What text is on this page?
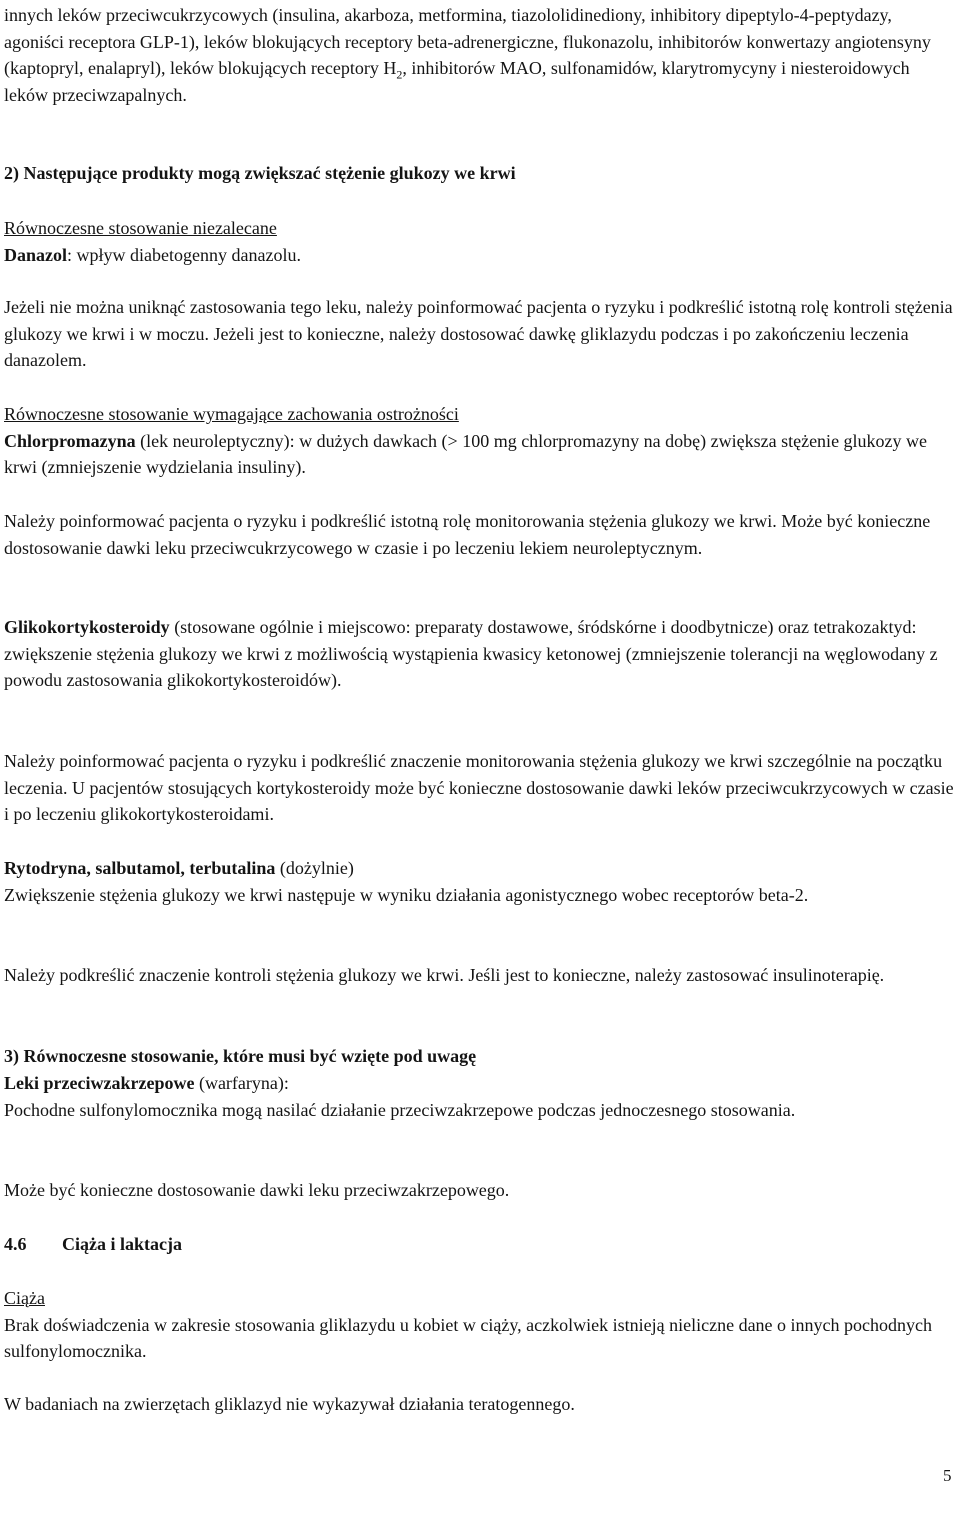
innych leków przeciwcukrzycowych (insulina, akarboza, metformina, tiazololidinediony, inhibitory dipeptylo-4-peptydazy, agoniści receptora GLP-1), leków blokujących receptory beta-adrenergiczne, flukonazolu, inhibitorów konwertazy angiotensyny (kaptopryl, enalapryl), leków blokujących receptory $H_2$, inhibitorów MAO, sulfonamidów, klarytromycyny i niesteroidowych leków przeciwzapalnych.

2) Następujące produkty mogą zwiększać stężenie glukozy we krwi

Równoczesne stosowanie niezalecane
Danazol: wpływ diabetogenny danazolu.

Jeżeli nie można uniknąć zastosowania tego leku, należy poinformować pacjenta o ryzyku i podkreślić istotną rolę kontroli stężenia glukozy we krwi i w moczu. Jeżeli jest to konieczne, należy dostosować dawkę gliklazydu podczas i po zakończeniu leczenia danazolem.

Równoczesne stosowanie wymagające zachowania ostrożności
Chlorpromazyna (lek neuroleptyczny): w dużych dawkach (> 100 mg chlorpromazyny na dobę) zwiększa stężenie glukozy we krwi (zmniejszenie wydzielania insuliny).

Należy poinformować pacjenta o ryzyku i podkreślić istotną rolę monitorowania stężenia glukozy we krwi. Może być konieczne dostosowanie dawki leku przeciwcukrzycowego w czasie i po leczeniu lekiem neuroleptycznym.

Glikokortykosteroidy (stosowane ogólnie i miejscowo: preparaty dostawowe, śródskórne i doodbytnicze) oraz tetrakozaktyd: zwiększenie stężenia glukozy we krwi z możliwością wystąpienia kwasicy ketonowej (zmniejszenie tolerancji na węglowodany z powodu zastosowania glikokortykosteroidów).

Należy poinformować pacjenta o ryzyku i podkreślić znaczenie monitorowania stężenia glukozy we krwi szczególnie na początku leczenia. U pacjentów stosujących kortykosteroidy może być konieczne dostosowanie dawki leków przeciwcukrzycowych w czasie i po leczeniu glikokortykosteroidami.

Rytodryna, salbutamol, terbutalina (dożylnie)
Zwiększenie stężenia glukozy we krwi następuje w wyniku działania agonistycznego wobec receptorów beta-2.

Należy podkreślić znaczenie kontroli stężenia glukozy we krwi. Jeśli jest to konieczne, należy zastosować insulinoterapię.

3) Równoczesne stosowanie, które musi być wzięte pod uwagę

Leki przeciwzakrzepowe (warfaryna):
Pochodne sulfonylomocznika mogą nasilać działanie przeciwzakrzepowe podczas jednoczesnego stosowania.

Może być konieczne dostosowanie dawki leku przeciwzakrzepowego.

4.6 Ciąża i laktacja

Ciąża
Brak doświadczenia w zakresie stosowania gliklazydu u kobiet w ciąży, aczkolwiek istnieją nieliczne dane o innych pochodnych sulfonylomocznika.

W badaniach na zwierzętach gliklazyd nie wykazywał działania teratogennego.

5
